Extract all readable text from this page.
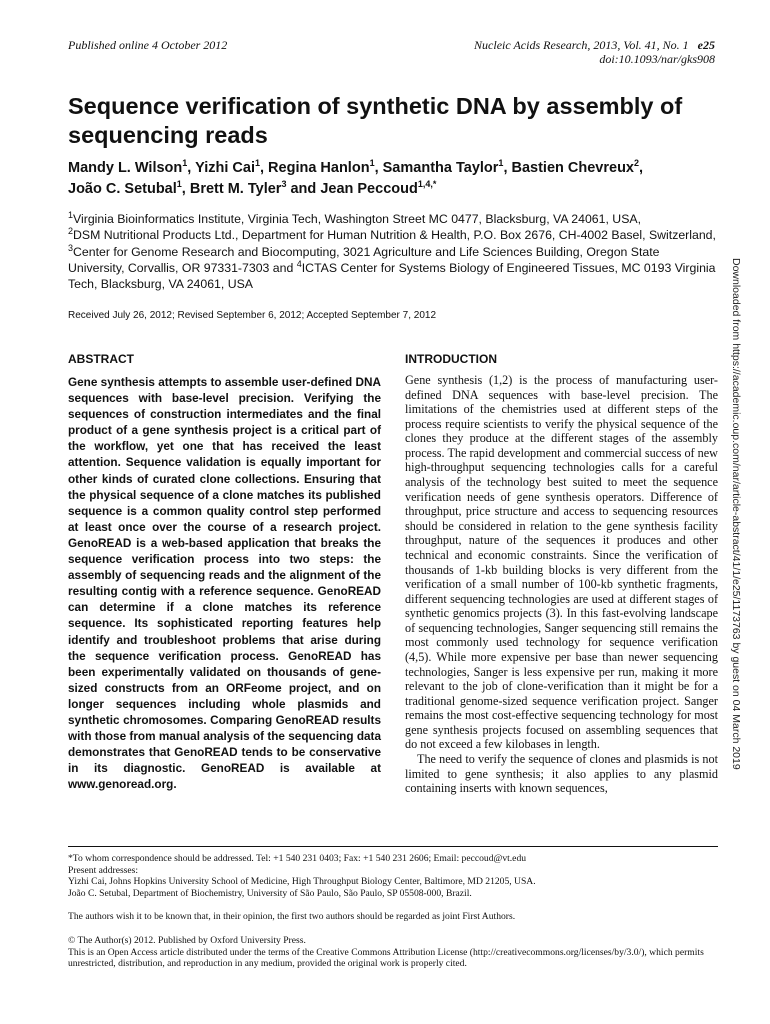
Published online 4 October 2012	Nucleic Acids Research, 2013, Vol. 41, No. 1 e25
doi:10.1093/nar/gks908
Sequence verification of synthetic DNA by assembly of sequencing reads
Mandy L. Wilson$^1$, Yizhi Cai$^1$, Regina Hanlon$^1$, Samantha Taylor$^1$, Bastien Chevreux$^2$,
João C. Setubal$^1$, Brett M. Tyler$^3$ and Jean Peccoud$^{1,4,*}$
$^1$Virginia Bioinformatics Institute, Virginia Tech, Washington Street MC 0477, Blacksburg, VA 24061, USA,
$^2$DSM Nutritional Products Ltd., Department for Human Nutrition & Health, P.O. Box 2676, CH-4002 Basel, Switzerland, $^3$Center for Genome Research and Biocomputing, 3021 Agriculture and Life Sciences Building, Oregon State University, Corvallis, OR 97331-7303 and $^4$ICTAS Center for Systems Biology of Engineered Tissues, MC 0193 Virginia Tech, Blacksburg, VA 24061, USA
Received July 26, 2012; Revised September 6, 2012; Accepted September 7, 2012
ABSTRACT	INTRODUCTION
Gene synthesis attempts to assemble user-defined DNA sequences with base-level precision. Verifying the sequences of construction intermediates and the final product of a gene synthesis project is a critical part of the workflow, yet one that has received the least attention. Sequence validation is equally important for other kinds of curated clone collections. Ensuring that the physical sequence of a clone matches its published sequence is a common quality control step performed at least once over the course of a research project. GenoREAD is a web-based application that breaks the sequence verification process into two steps: the assembly of sequencing reads and the alignment of the resulting contig with a reference sequence. GenoREAD can determine if a clone matches its reference sequence. Its sophisticated reporting features help identify and troubleshoot problems that arise during the sequence verification process. GenoREAD has been experimentally validated on thousands of gene-sized constructs from an ORFeome project, and on longer sequences including whole plasmids and synthetic chromosomes. Comparing GenoREAD results with those from manual analysis of the sequencing data demonstrates that GenoREAD tends to be conservative in its diagnostic. GenoREAD is available at www.genoread.org.

Gene synthesis (1,2) is the process of manufacturing user-defined DNA sequences with base-level precision. The limitations of the chemistries used at different steps of the process require scientists to verify the physical sequence of the clones they produce at the different stages of the assembly process. The rapid development and commercial success of new high-throughput sequencing technologies calls for a careful analysis of the technology best suited to meet the sequence verification needs of gene synthesis operators. Difference of throughput, price structure and access to sequencing resources should be considered in relation to the gene synthesis facility throughput, nature of the sequences it produces and other technical and economic constraints. Since the verification of thousands of 1-kb building blocks is very different from the verification of a small number of 100-kb synthetic fragments, different sequencing technologies are used at different stages of synthetic genomics projects (3). In this fast-evolving landscape of sequencing technologies, Sanger sequencing still remains the most commonly used technology for sequence verification (4,5). While more expensive per base than newer sequencing technologies, Sanger is less expensive per run, making it more relevant to the job of clone-verification than it might be for a traditional genome-sized sequence verification project. Sanger remains the most cost-effective sequencing technology for most gene synthesis projects focused on assembling sequences that do not exceed a few kilobases in length.

The need to verify the sequence of clones and plasmids is not limited to gene synthesis; it also applies to any plasmid containing inserts with known sequences,

*To whom correspondence should be addressed. Tel: +1 540 231 0403; Fax: +1 540 231 2606; Email: peccoud@vt.edu
Present addresses:
Yizhi Cai, Johns Hopkins University School of Medicine, High Throughput Biology Center, Baltimore, MD 21205, USA.
João C. Setubal, Department of Biochemistry, University of São Paulo, São Paulo, SP 05508-000, Brazil.
The authors wish it to be known that, in their opinion, the first two authors should be regarded as joint First Authors.
© The Author(s) 2012. Published by Oxford University Press.
This is an Open Access article distributed under the terms of the Creative Commons Attribution License (http://creativecommons.org/licenses/by/3.0/), which permits unrestricted, distribution, and reproduction in any medium, provided the original work is properly cited.
Downloaded from https://academic.oup.com/nar/article-abstract/41/1/e25/1173763 by guest on 04 March 2019
